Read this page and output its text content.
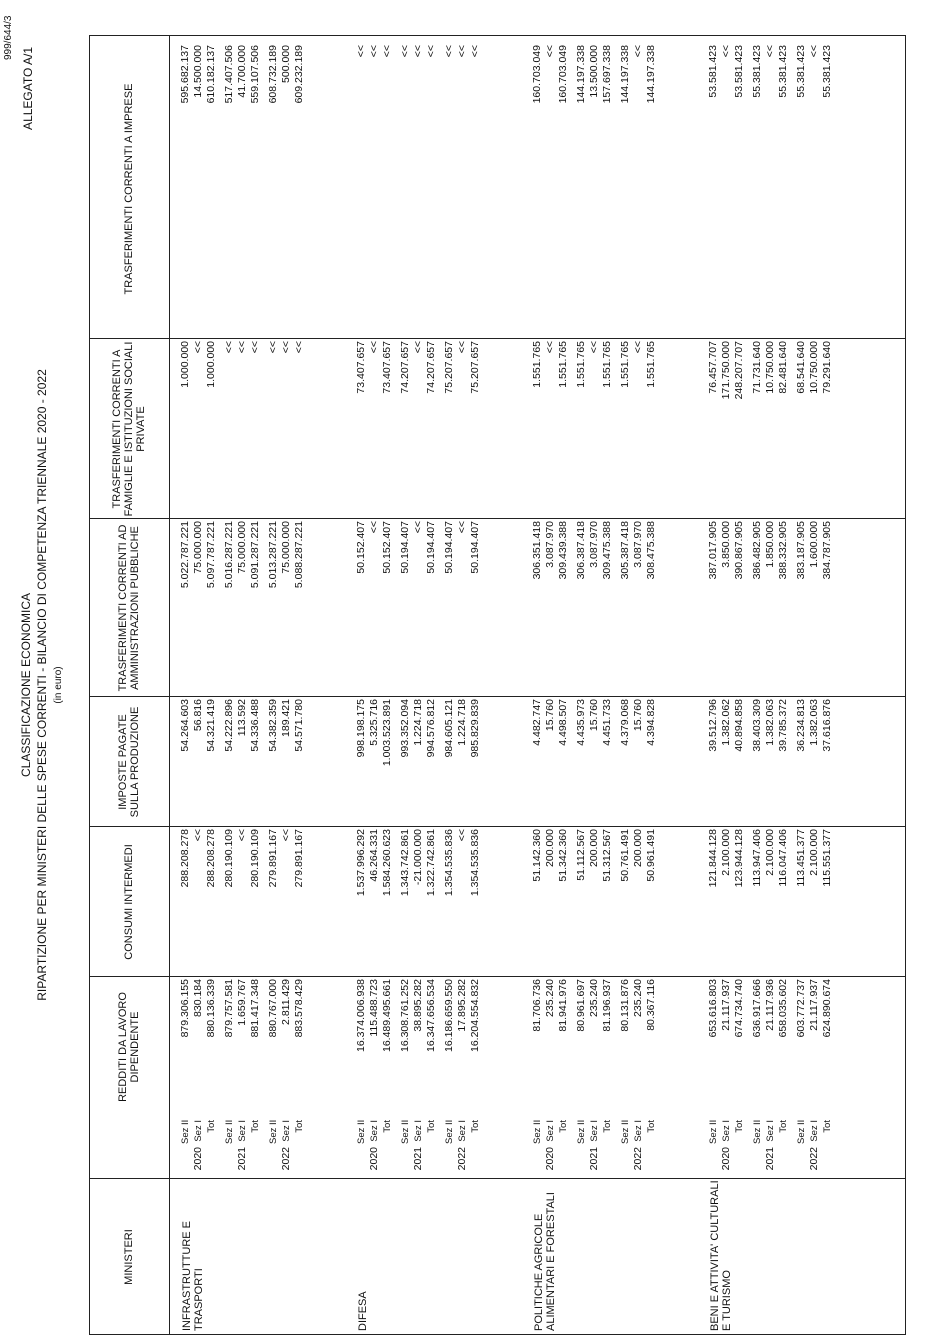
999/644/3
CLASSIFICAZIONE ECONOMICA RIPARTIZIONE PER MINISTERI DELLE SPESE CORRENTI - BILANCIO DI COMPETENZA TRIENNALE 2020 - 2022 (in euro)
ALLEGATO A/1
MINISTERI
REDDITI DA LAVORO DIPENDENTE
CONSUMI INTERMEDI
IMPOSTE PAGATE SULLA PRODUZIONE
TRASFERIMENTI CORRENTI AD AMMINISTRAZIONI PUBBLICHE
TRASFERIMENTI CORRENTI A FAMIGLIE E ISTITUZIONI SOCIALI PRIVATE
TRASFERIMENTI CORRENTI A IMPRESE
INFRASTRUTTURE E TRASPORTI
Sez II
879.306.155
288.208.278
54.264.603
5.022.787.221
1.000.000
595.682.137
2020
Sez I
830.184
<<
56.816
75.000.000
<<
14.500.000
Tot
880.136.339
288.208.278
54.321.419
5.097.787.221
1.000.000
610.182.137
Sez II
879.757.581
280.190.109
54.222.896
5.016.287.221
<<
517.407.506
2021
Sez I
1.659.767
<<
113.592
75.000.000
<<
41.700.000
Tot
881.417.348
280.190.109
54.336.488
5.091.287.221
<<
559.107.506
Sez II
880.767.000
279.891.167
54.382.359
5.013.287.221
<<
608.732.189
2022
Sez I
2.811.429
<<
189.421
75.000.000
<<
500.000
Tot
883.578.429
279.891.167
54.571.780
5.088.287.221
<<
609.232.189
DIFESA
Sez II
16.374.006.938
1.537.996.292
998.198.175
50.152.407
73.407.657
<<
2020
Sez I
115.488.723
46.264.331
5.325.716
<<
<<
<<
Tot
16.489.495.661
1.584.260.623
1.003.523.891
50.152.407
73.407.657
<<
Sez II
16.308.761.252
1.343.742.861
993.352.094
50.194.407
74.207.657
<<
2021
Sez I
38.895.282
-21.000.000
1.224.718
<<
<<
<<
Tot
16.347.656.534
1.322.742.861
994.576.812
50.194.407
74.207.657
<<
Sez II
16.186.659.550
1.354.535.836
984.605.121
50.194.407
75.207.657
<<
2022
Sez I
17.895.282
<<
1.224.718
<<
<<
<<
Tot
16.204.554.832
1.354.535.836
985.829.839
50.194.407
75.207.657
<<
POLITICHE AGRICOLE ALIMENTARI E FORESTALI
Sez II
81.706.736
51.142.360
4.482.747
306.351.418
1.551.765
160.703.049
2020
Sez I
235.240
200.000
15.760
3.087.970
<<
<<
Tot
81.941.976
51.342.360
4.498.507
309.439.388
1.551.765
160.703.049
Sez II
80.961.697
51.112.567
4.435.973
306.387.418
1.551.765
144.197.338
2021
Sez I
235.240
200.000
15.760
3.087.970
<<
13.500.000
Tot
81.196.937
51.312.567
4.451.733
309.475.388
1.551.765
157.697.338
Sez II
80.131.876
50.761.491
4.379.068
305.387.418
1.551.765
144.197.338
2022
Sez I
235.240
200.000
15.760
3.087.970
<<
<<
Tot
80.367.116
50.961.491
4.394.828
308.475.388
1.551.765
144.197.338
BENI E ATTIVITA' CULTURALI E TURISMO
Sez II
653.616.803
121.844.128
39.512.796
387.017.905
76.457.707
53.581.423
2020
Sez I
21.117.937
2.100.000
1.382.062
3.850.000
171.750.000
<<
Tot
674.734.740
123.944.128
40.894.858
390.867.905
248.207.707
53.581.423
Sez II
636.917.666
113.947.406
38.403.309
386.482.905
71.731.640
55.381.423
2021
Sez I
21.117.936
2.100.000
1.382.063
1.850.000
10.750.000
<<
Tot
658.035.602
116.047.406
39.785.372
388.332.905
82.481.640
55.381.423
Sez II
603.772.737
113.451.377
36.234.813
383.187.905
68.541.640
55.381.423
2022
Sez I
21.117.937
2.100.000
1.382.063
1.600.000
10.750.000
<<
Tot
624.890.674
115.551.377
37.616.876
384.787.905
79.291.640
55.381.423
